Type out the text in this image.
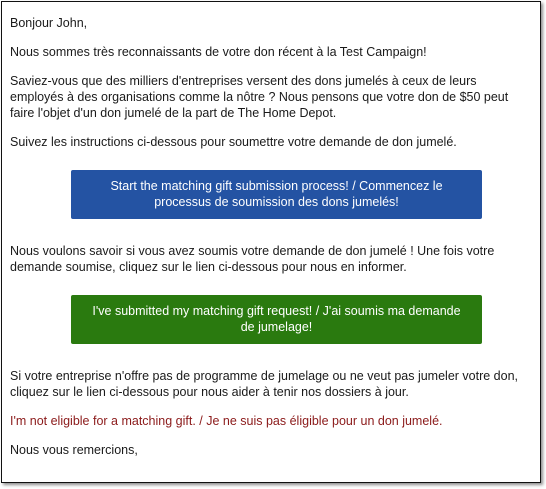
Bonjour John,

Nous sommes très reconnaissants de votre don récent à la Test Campaign!

Saviez-vous que des milliers d'entreprises versent des dons jumelés à ceux de leurs employés à des organisations comme la nôtre ? Nous pensons que votre don de $50 peut faire l'objet d'un don jumelé de la part de The Home Depot.

Suivez les instructions ci-dessous pour soumettre votre demande de don jumelé.

Start the matching gift submission process! / Commencez le processus de soumission des dons jumelés!

Nous voulons savoir si vous avez soumis votre demande de don jumelé ! Une fois votre demande soumise, cliquez sur le lien ci-dessous pour nous en informer.

I've submitted my matching gift request! / J'ai soumis ma demande de jumelage!

Si votre entreprise n'offre pas de programme de jumelage ou ne veut pas jumeler votre don, cliquez sur le lien ci-dessous pour nous aider à tenir nos dossiers à jour.

I'm not eligible for a matching gift. / Je ne suis pas éligible pour un don jumelé.

Nous vous remercions,
